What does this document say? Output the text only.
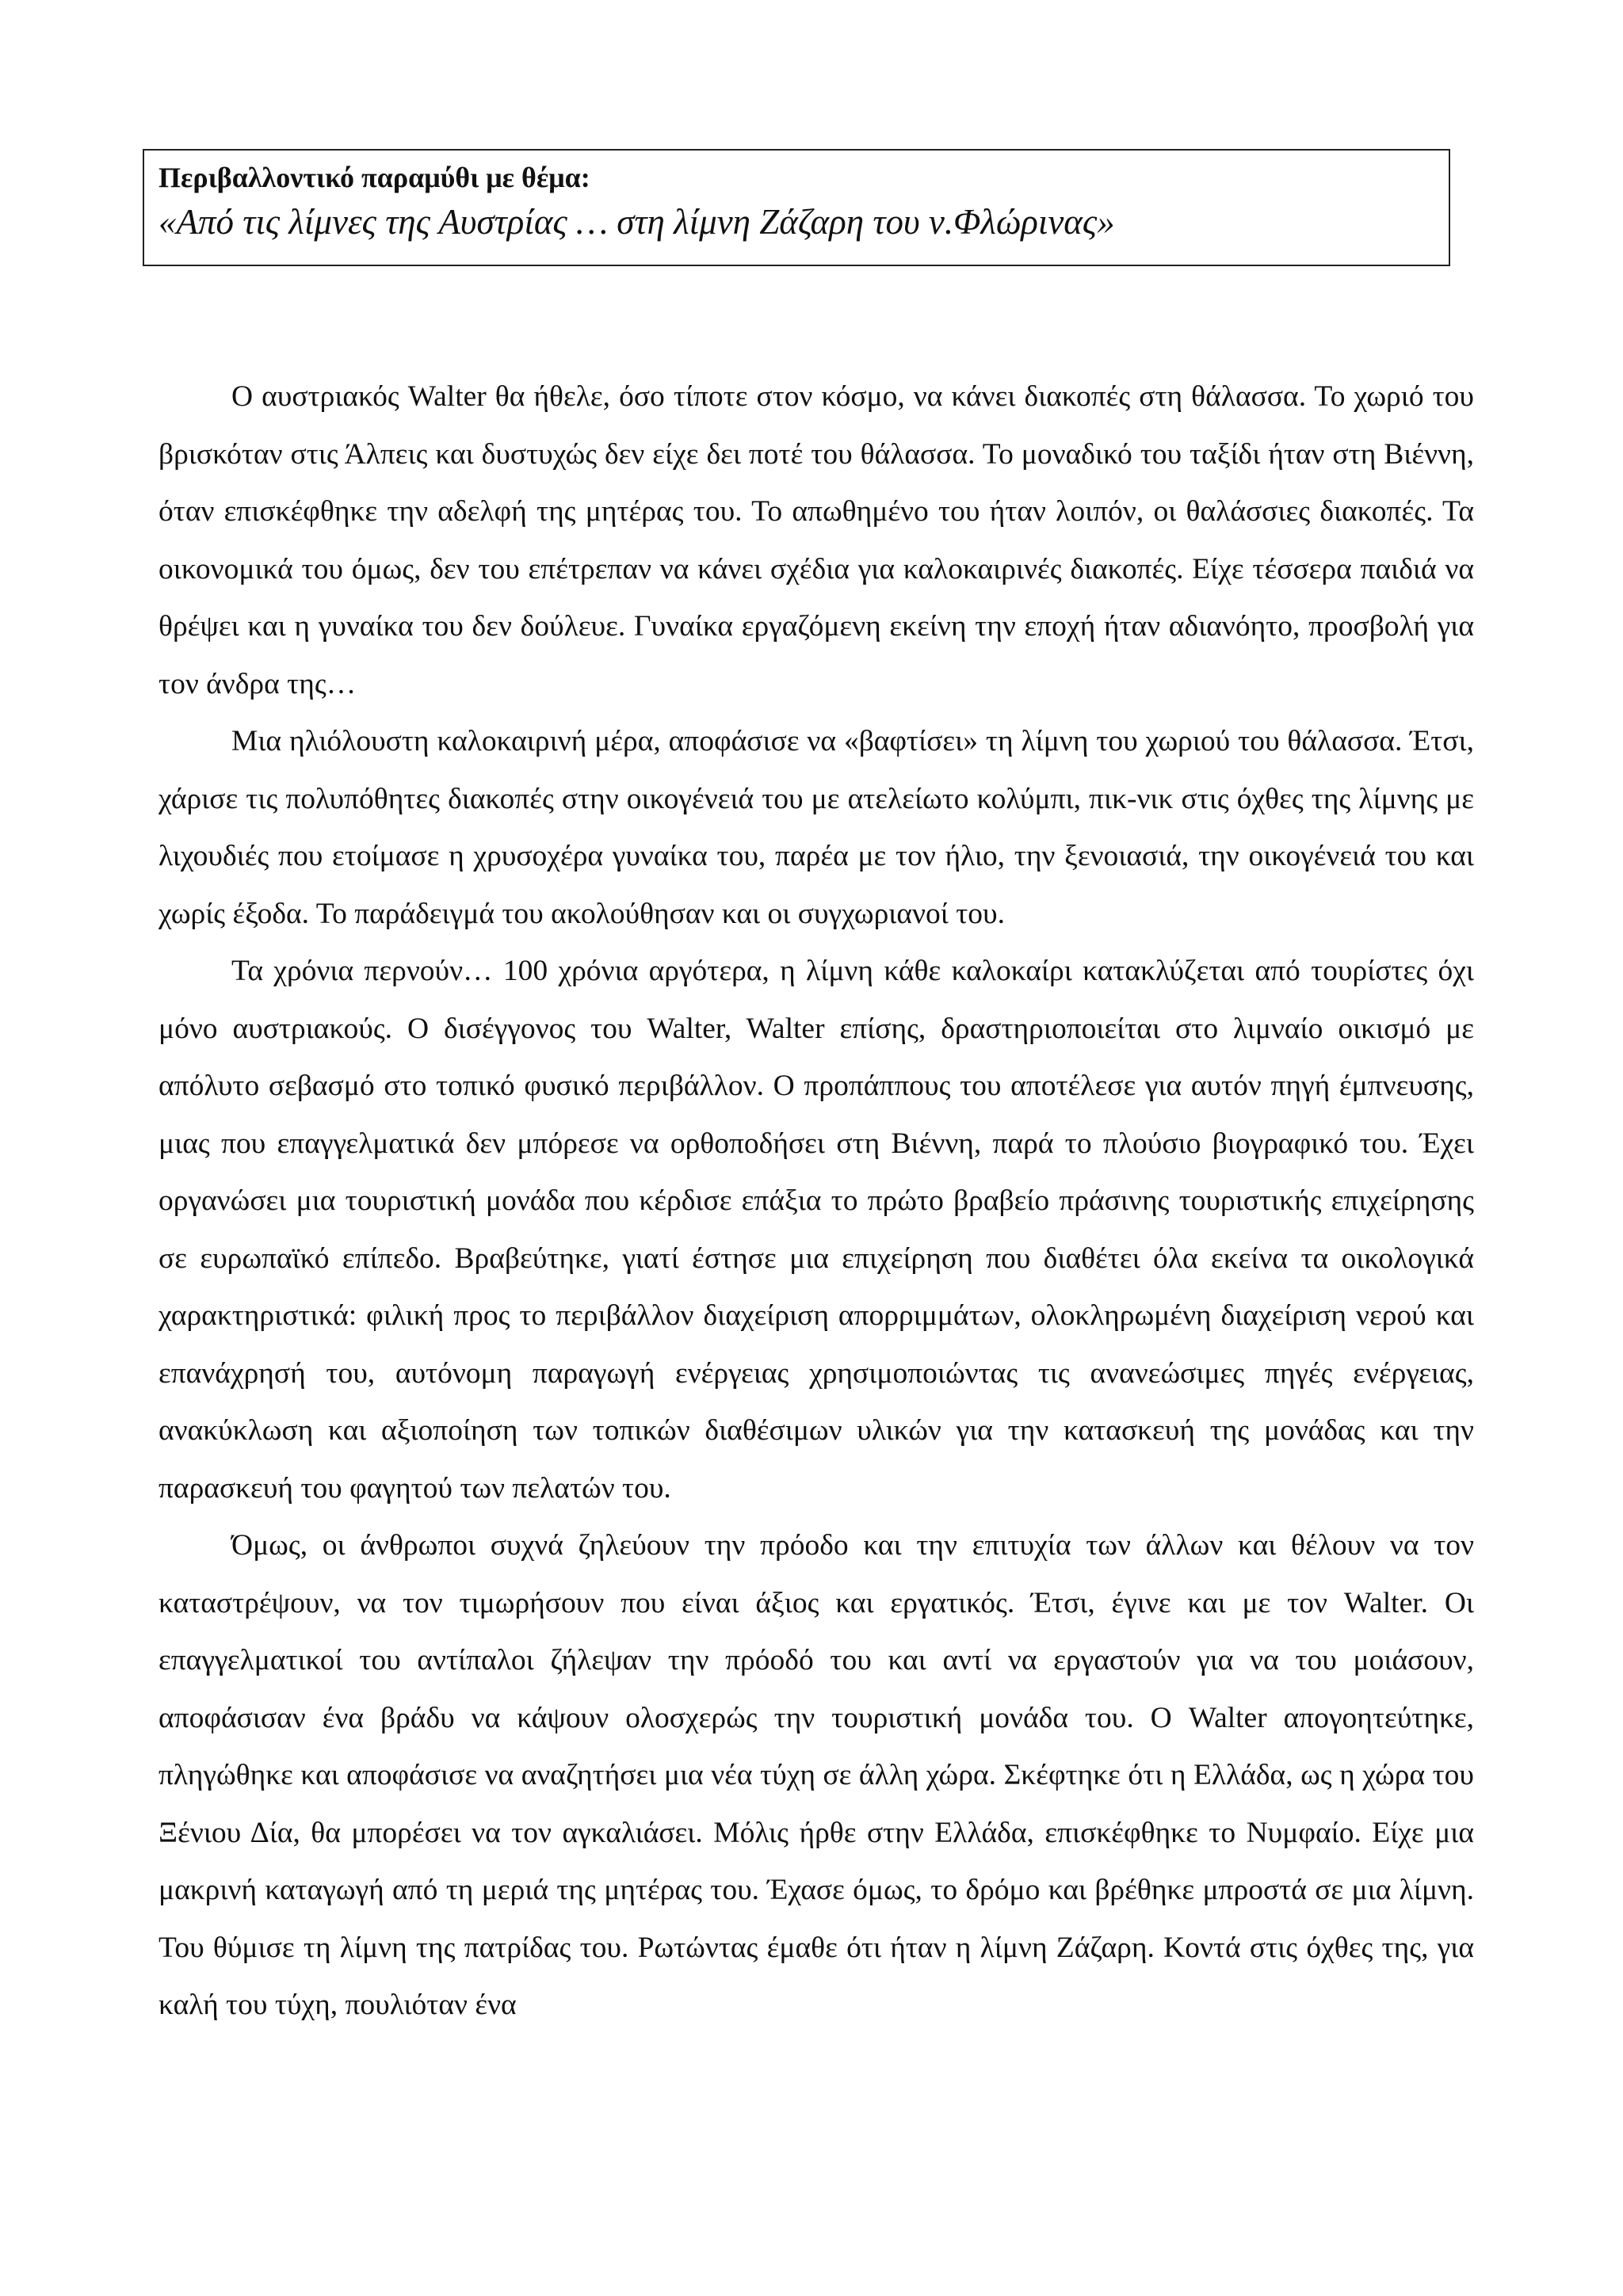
Περιβαλλοντικό παραμύθι με θέμα:

«Από τις λίμνες της Αυστρίας … στη λίμνη Ζάζαρη του ν.Φλώρινας»

Ο αυστριακός Walter θα ήθελε, όσο τίποτε στον κόσμο, να κάνει διακοπές στη θάλασσα. Το χωριό του βρισκόταν στις Άλπεις και δυστυχώς δεν είχε δει ποτέ του θάλασσα. Το μοναδικό του ταξίδι ήταν στη Βιέννη, όταν επισκέφθηκε την αδελφή της μητέρας του. Το απωθημένο του ήταν λοιπόν, οι θαλάσσιες διακοπές. Τα οικονομικά του όμως, δεν του επέτρεπαν να κάνει σχέδια για καλοκαιρινές διακοπές. Είχε τέσσερα παιδιά να θρέψει και η γυναίκα του δεν δούλευε. Γυναίκα εργαζόμενη εκείνη την εποχή ήταν αδιανόητο, προσβολή για τον άνδρα της…

Μια ηλιόλουστη καλοκαιρινή μέρα, αποφάσισε να «βαφτίσει» τη λίμνη του χωριού του θάλασσα. Έτσι, χάρισε τις πολυπόθητες διακοπές στην οικογένειά του με ατελείωτο κολύμπι, πικ-νικ στις όχθες της λίμνης με λιχουδιές που ετοίμασε η χρυσοχέρα γυναίκα του, παρέα με τον ήλιο, την ξενοιασιά, την οικογένειά του και χωρίς έξοδα. Το παράδειγμά του ακολούθησαν και οι συγχωριανοί του.

Τα χρόνια περνούν… 100 χρόνια αργότερα, η λίμνη κάθε καλοκαίρι κατακλύζεται από τουρίστες όχι μόνο αυστριακούς. Ο δισέγγονος του Walter, Walter επίσης, δραστηριοποιείται στο λιμναίο οικισμό με απόλυτο σεβασμό στο τοπικό φυσικό περιβάλλον. Ο προπάππους του αποτέλεσε για αυτόν πηγή έμπνευσης, μιας που επαγγελματικά δεν μπόρεσε να ορθοποδήσει στη Βιέννη, παρά το πλούσιο βιογραφικό του. Έχει οργανώσει μια τουριστική μονάδα που κέρδισε επάξια το πρώτο βραβείο πράσινης τουριστικής επιχείρησης σε ευρωπαϊκό επίπεδο. Βραβεύτηκε, γιατί έστησε μια επιχείρηση που διαθέτει όλα εκείνα τα οικολογικά χαρακτηριστικά: φιλική προς το περιβάλλον διαχείριση απορριμμάτων, ολοκληρωμένη διαχείριση νερού και επανάχρησή του, αυτόνομη παραγωγή ενέργειας χρησιμοποιώντας τις ανανεώσιμες πηγές ενέργειας, ανακύκλωση και αξιοποίηση των τοπικών διαθέσιμων υλικών για την κατασκευή της μονάδας και την παρασκευή του φαγητού των πελατών του.

Όμως, οι άνθρωποι συχνά ζηλεύουν την πρόοδο και την επιτυχία των άλλων και θέλουν να τον καταστρέψουν, να τον τιμωρήσουν που είναι άξιος και εργατικός. Έτσι, έγινε και με τον Walter. Οι επαγγελματικοί του αντίπαλοι ζήλεψαν την πρόοδό του και αντί να εργαστούν για να του μοιάσουν, αποφάσισαν ένα βράδυ να κάψουν ολοσχερώς την τουριστική μονάδα του. Ο Walter απογοητεύτηκε, πληγώθηκε και αποφάσισε να αναζητήσει μια νέα τύχη σε άλλη χώρα. Σκέφτηκε ότι η Ελλάδα, ως η χώρα του Ξένιου Δία, θα μπορέσει να τον αγκαλιάσει. Μόλις ήρθε στην Ελλάδα, επισκέφθηκε το Νυμφαίο. Είχε μια μακρινή καταγωγή από τη μεριά της μητέρας του. Έχασε όμως, το δρόμο και βρέθηκε μπροστά σε μια λίμνη. Του θύμισε τη λίμνη της πατρίδας του. Ρωτώντας έμαθε ότι ήταν η λίμνη Ζάζαρη. Κοντά στις όχθες της, για καλή του τύχη, πουλιόταν ένα
